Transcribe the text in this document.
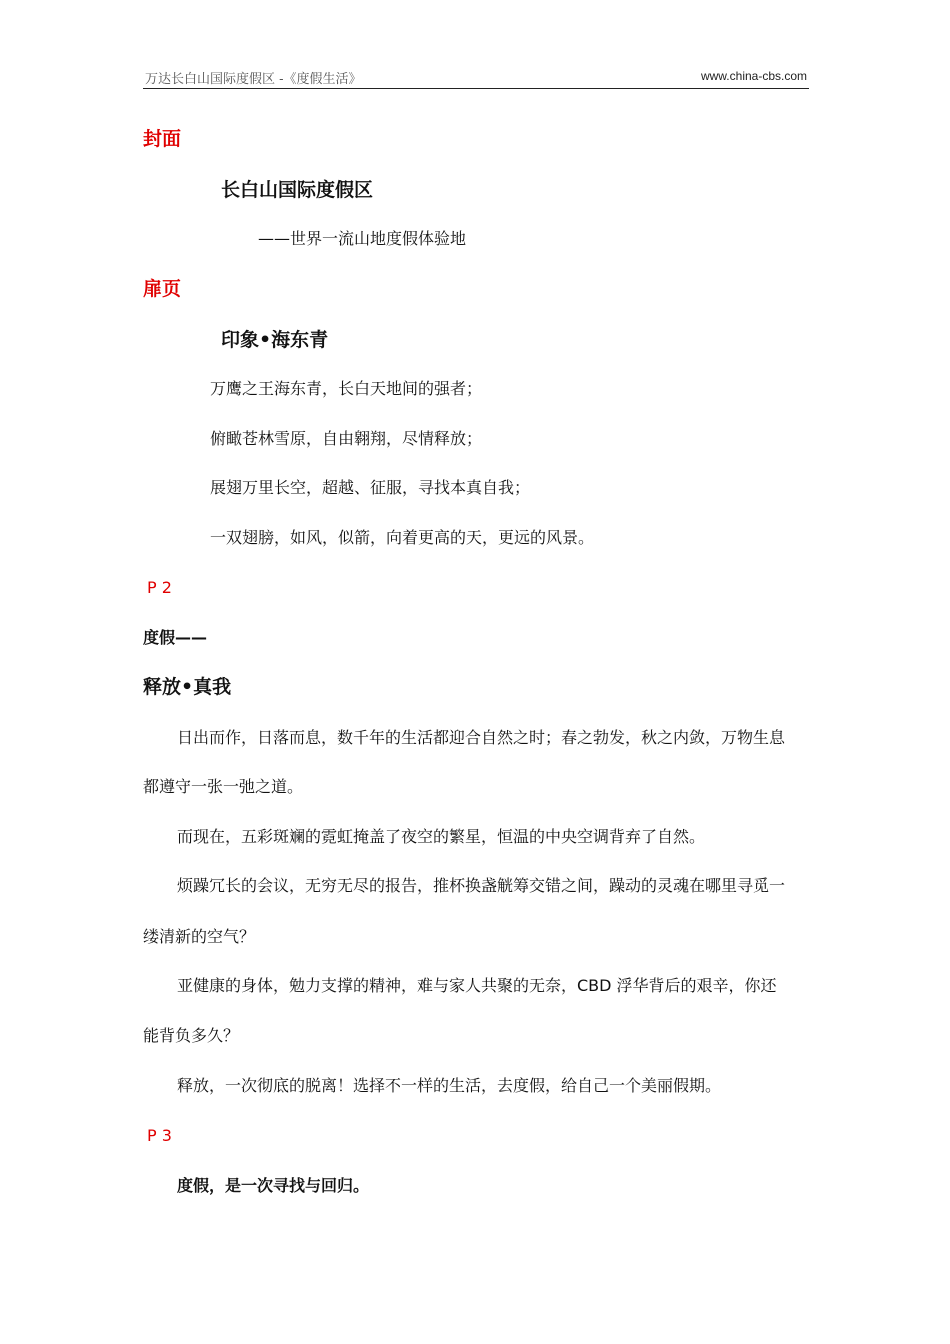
万达长白山国际度假区 -《度假生活》	www.china-cbs.com
封面
长白山国际度假区
——世界一流山地度假体验地
扉页
印象•海东青
万鹰之王海东青，长白天地间的强者；
俯瞰苍林雪原，自由翱翔，尽情释放；
展翅万里长空，超越、征服，寻找本真自我；
一双翅膀，如风，似箭，向着更高的天，更远的风景。
P 2
度假——
释放•真我
日出而作，日落而息，数千年的生活都迎合自然之时；春之勃发，秋之内敛，万物生息
都遵守一张一弛之道。
而现在，五彩斑斓的霓虹掩盖了夜空的繁星，恒温的中央空调背弃了自然。
烦躁冗长的会议，无穷无尽的报告，推杯换盏觥筹交错之间，躁动的灵魂在哪里寻觅一
缕清新的空气？
亚健康的身体，勉力支撑的精神，难与家人共聚的无奈，CBD 浮华背后的艰辛，你还
能背负多久？
释放，一次彻底的脱离！选择不一样的生活，去度假，给自己一个美丽假期。
P 3
度假，是一次寻找与回归。
